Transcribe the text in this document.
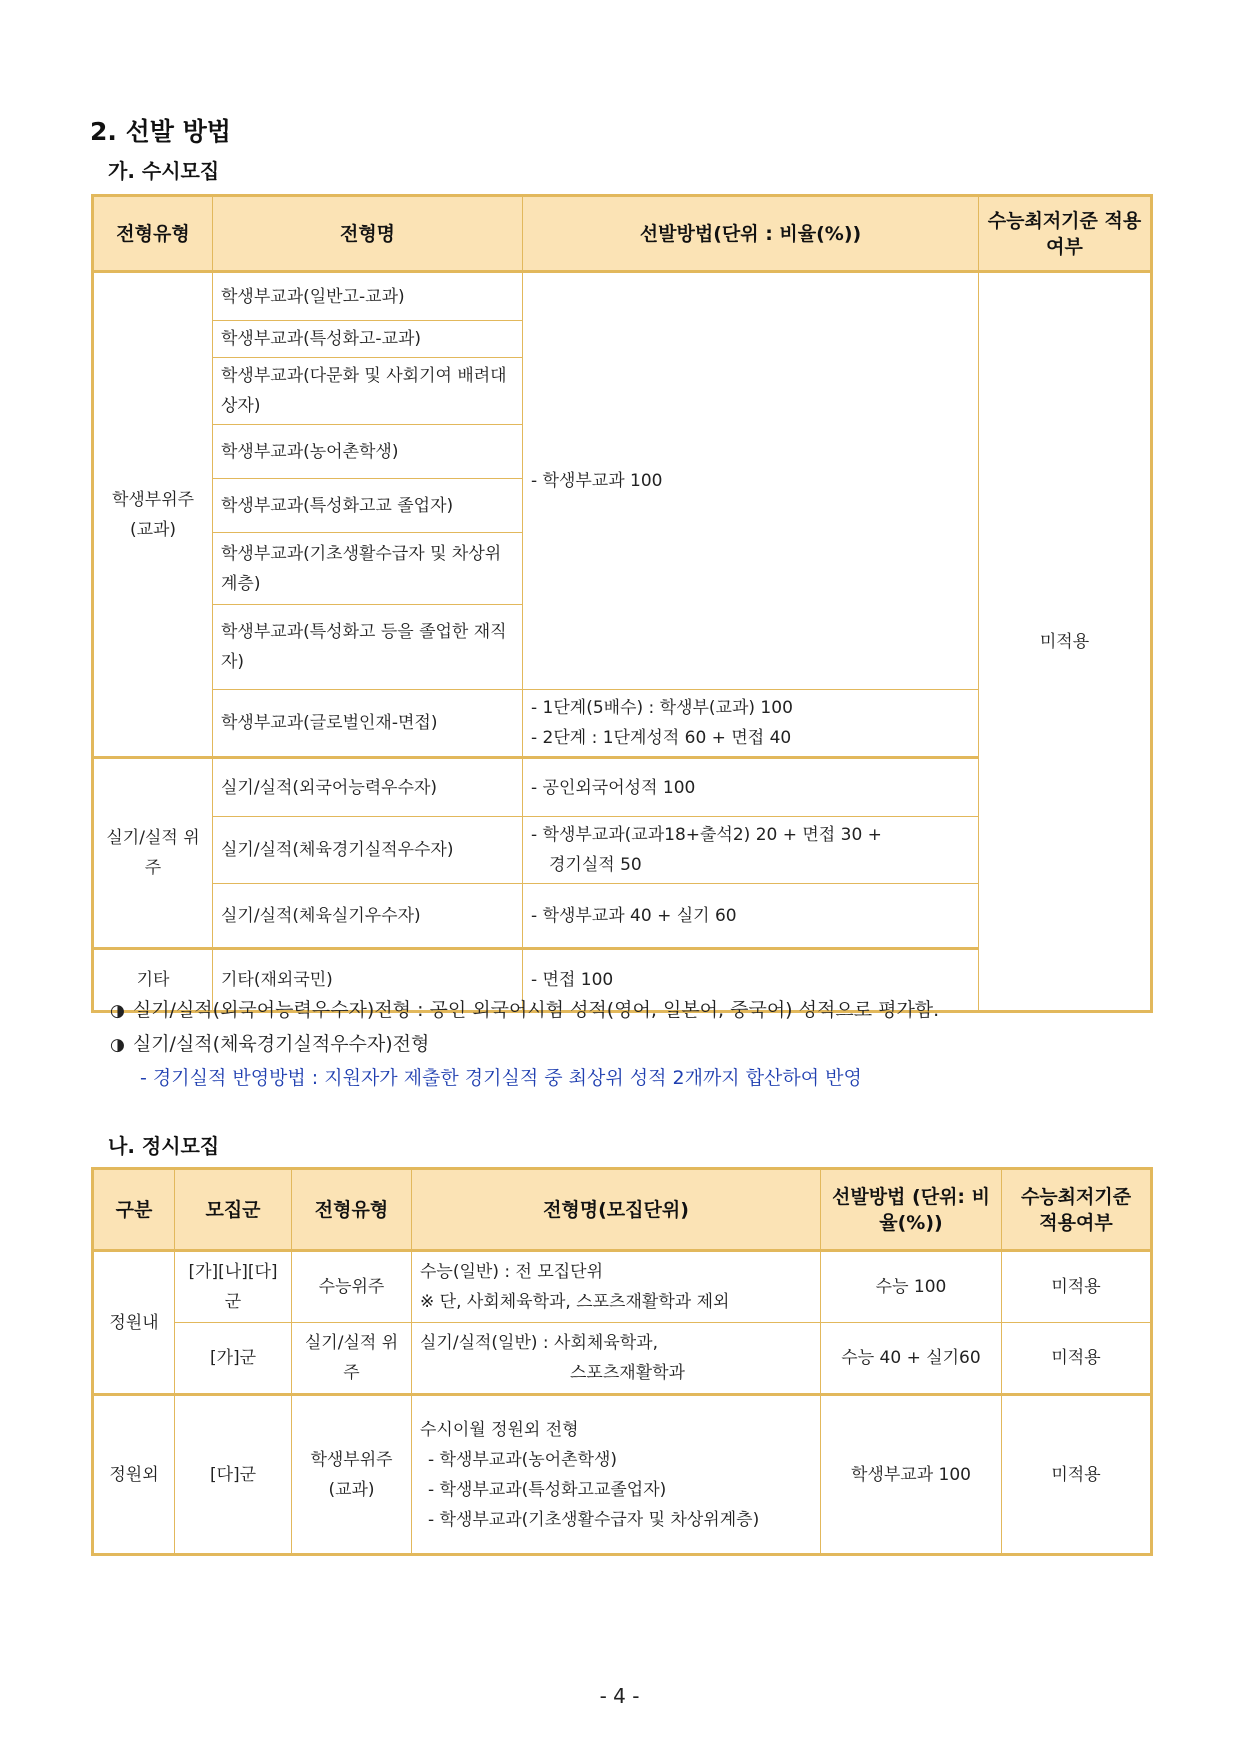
2. 선발 방법
가. 수시모집
전형유형	전형명	선발방법(단위 : 비율(%))	수능최저기준 적용 여부
학생부위주 (교과)	학생부교과(일반고-교과)	- 학생부교과 100	미적용
	학생부교과(특성화고-교과)		
	학생부교과(다문화 및 사회기여 배려대상자)		
	학생부교과(농어촌학생)		
	학생부교과(특성화고교 졸업자)		
	학생부교과(기초생활수급자 및 차상위계층)		
	학생부교과(특성화고 등을 졸업한 재직자)		
	학생부교과(글로벌인재-면접)	- 1단계(5배수) : 학생부(교과) 100
- 2단계 : 1단계성적 60 + 면접 40	

실기/실적 위주	실기/실적(외국어능력우수자)	- 공인외국어성적 100	
	실기/실적(체육경기실적우수자)	- 학생부교과(교과18+출석2) 20 + 면접 30 +
경기실적 50	

	실기/실적(체육실기우수자)	- 학생부교과 40 + 실기 60	
기타	기타(재외국민)	- 면접 100	

◑ 실기/실적(외국어능력우수자)전형 : 공인 외국어시험 성적(영어, 일본어, 중국어) 성적으로 평가함.

◑ 실기/실적(체육경기실적우수자)전형

- 경기실적 반영방법 : 지원자가 제출한 경기실적 중 최상위 성적 2개까지 합산하여 반영

나. 정시모집
구분	모집군	전형유형	전형명(모집단위)	선발방법 (단위: 비율(%))	수능최저기준 적용여부
정원내	[가][나][다]군	수능위주	수능(일반) : 전 모집단위
※ 단, 사회체육학과, 스포츠재활학과 제외	수능 100	미적용
	[가]군	실기/실적 위주	실기/실적(일반) : 사회체육학과,
스포츠재활학과	수능 40 + 실기60	미적용
정원외	[다]군	학생부위주 (교과)	수시이월 정원외 전형
- 학생부교과(농어촌학생)
- 학생부교과(특성화고교졸업자)
- 학생부교과(기초생활수급자 및 차상위계층)	학생부교과 100	미적용

- 4 -
